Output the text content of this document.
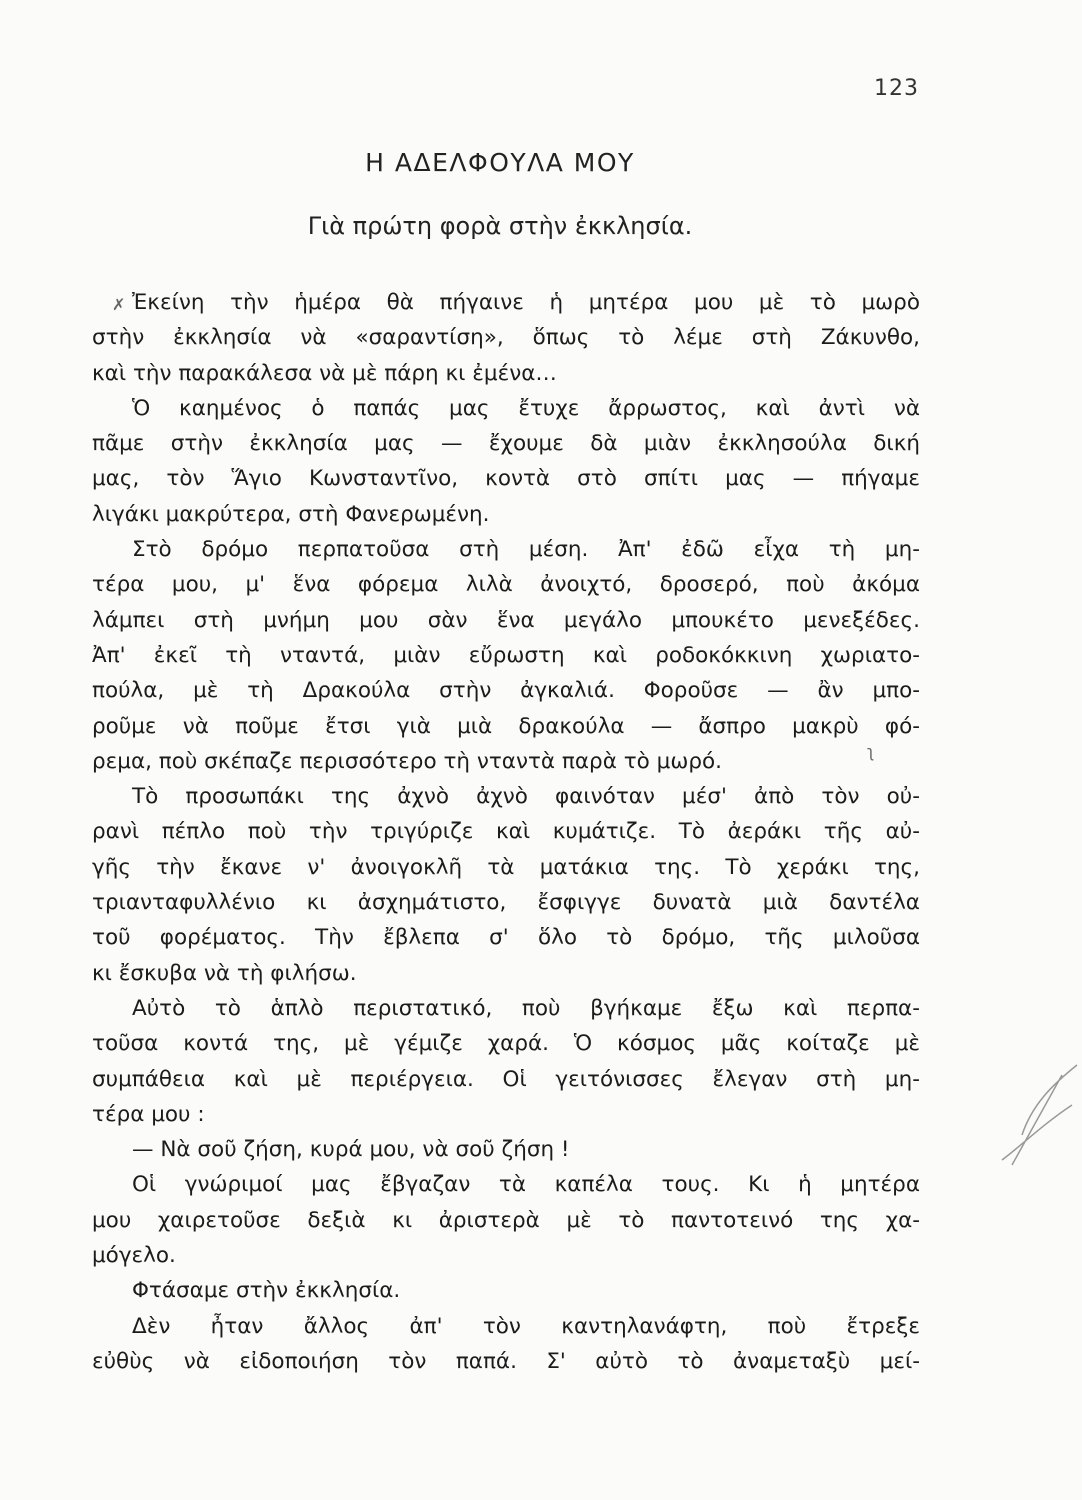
123
Η ΑΔΕΛΦΟΥΛΑ ΜΟΥ
Γιὰ πρώτη φορὰ στὴν ἐκκλησία.
✗
ʅ
Ἐκείνη τὴν ἡμέρα θὰ πήγαινε ἡ μητέρα μου μὲ τὸ μωρὸ
στὴν ἐκκλησία νὰ «σαραντίση», ὅπως τὸ λέμε στὴ Ζάκυνθο,
καὶ τὴν παρακάλεσα νὰ μὲ πάρη κι ἐμένα…
Ὁ καημένος ὁ παπάς μας ἔτυχε ἄρρωστος, καὶ ἀντὶ νὰ
πᾶμε στὴν ἐκκλησία μας — ἔχουμε δὰ μιὰν ἐκκλησούλα δική
μας, τὸν Ἅγιο Κωνσταντῖνο, κοντὰ στὸ σπίτι μας — πήγαμε
λιγάκι μακρύτερα, στὴ Φανερωμένη.
Στὸ δρόμο περπατοῦσα στὴ μέση. Ἀπ' ἐδῶ εἶχα τὴ μη-
τέρα μου, μ' ἕνα φόρεμα λιλὰ ἀνοιχτό, δροσερό, ποὺ ἀκόμα
λάμπει στὴ μνήμη μου σὰν ἕνα μεγάλο μπουκέτο μενεξέδες.
Ἀπ' ἐκεῖ τὴ νταντά, μιὰν εὔρωστη καὶ ροδοκόκκινη χωριατο-
πούλα, μὲ τὴ Δρακούλα στὴν ἀγκαλιά. Φοροῦσε — ἂν μπο-
ροῦμε νὰ ποῦμε ἔτσι γιὰ μιὰ δρακούλα — ἄσπρο μακρὺ φό-
ρεμα, ποὺ σκέπαζε περισσότερο τὴ νταντὰ παρὰ τὸ μωρό.
Τὸ προσωπάκι της ἀχνὸ ἀχνὸ φαινόταν μέσ' ἀπὸ τὸν οὐ-
ρανὶ πέπλο ποὺ τὴν τριγύριζε καὶ κυμάτιζε. Τὸ ἀεράκι τῆς αὐ-
γῆς τὴν ἔκανε ν' ἀνοιγοκλῆ τὰ ματάκια της. Τὸ χεράκι της,
τριανταφυλλένιο κι ἀσχημάτιστο, ἔσφιγγε δυνατὰ μιὰ δαντέλα
τοῦ φορέματος. Τὴν ἔβλεπα σ' ὅλο τὸ δρόμο, τῆς μιλοῦσα
κι ἔσκυβα νὰ τὴ φιλήσω.
Αὐτὸ τὸ ἁπλὸ περιστατικό, ποὺ βγήκαμε ἔξω καὶ περπα-
τοῦσα κοντά της, μὲ γέμιζε χαρά. Ὁ κόσμος μᾶς κοίταζε μὲ
συμπάθεια καὶ μὲ περιέργεια. Οἱ γειτόνισσες ἔλεγαν στὴ μη-
τέρα μου :
— Νὰ σοῦ ζήση, κυρά μου, νὰ σοῦ ζήση !
Οἱ γνώριμοί μας ἔβγαζαν τὰ καπέλα τους. Κι ἡ μητέρα
μου χαιρετοῦσε δεξιὰ κι ἀριστερὰ μὲ τὸ παντοτεινό της χα-
μόγελο.
Φτάσαμε στὴν ἐκκλησία.
Δὲν ἦταν ἄλλος ἀπ' τὸν καντηλανάφτη, ποὺ ἔτρεξε
εὐθὺς νὰ εἰδοποιήση τὸν παπά. Σ' αὐτὸ τὸ ἀναμεταξὺ μεί-
